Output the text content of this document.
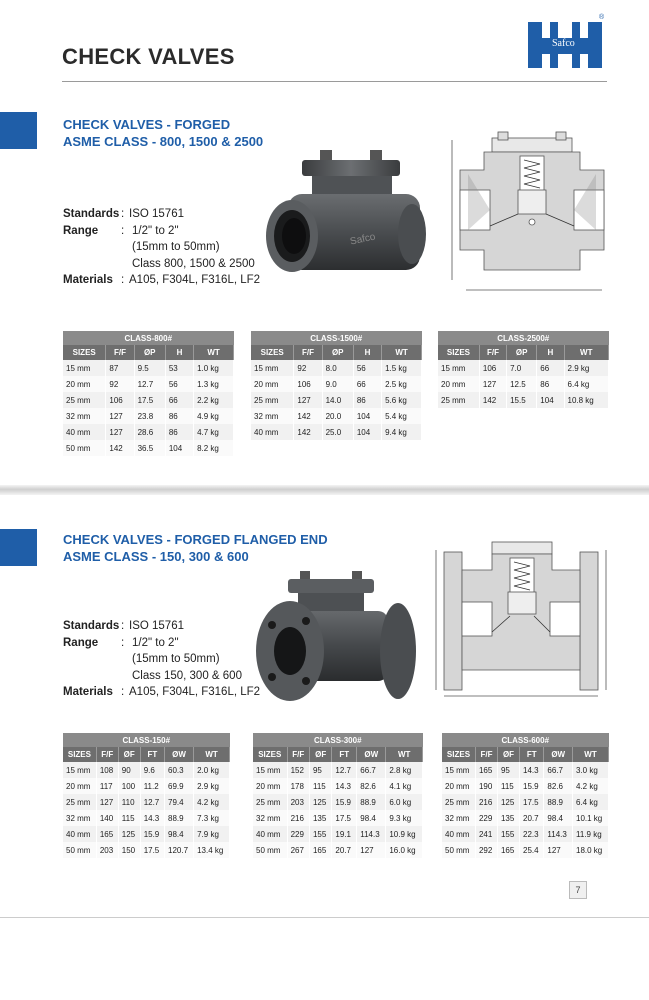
CHECK VALVES
Safco
®
CHECK VALVES - FORGED
ASME CLASS - 800, 1500 & 2500
Standards : ISO 15761
Range	: 1/2" to 2"
(15mm to 50mm)
Class 800, 1500 & 2500
Materials : A105, F304L, F316L, LF2
Safco
CLASS-800#				
SIZES	F/F	ØP	H	WT
15 mm	87	9.5	53	1.0 kg
20 mm	92	12.7	56	1.3 kg
25 mm	106	17.5	66	2.2 kg
32 mm	127	23.8	86	4.9 kg
40 mm	127	28.6	86	4.7 kg
50 mm	142	36.5	104	8.2 kg
CLASS-1500#				
SIZES	F/F	ØP	H	WT
15 mm	92	8.0	56	1.5 kg
20 mm	106	9.0	66	2.5 kg
25 mm	127	14.0	86	5.6 kg
32 mm	142	20.0	104	5.4 kg
40 mm	142	25.0	104	9.4 kg
CLASS-2500#				
SIZES	F/F	ØP	H	WT
15 mm	106	7.0	66	2.9 kg
20 mm	127	12.5	86	6.4 kg
25 mm	142	15.5	104	10.8 kg
CHECK VALVES - FORGED FLANGED END
ASME CLASS - 150, 300 & 600
Standards : ISO 15761
Range	: 1/2" to 2"
(15mm to 50mm)
Class 150, 300 & 600
Materials : A105, F304L, F316L, LF2
CLASS-150#					
SIZES	F/F	ØF	FT	ØW	WT
15 mm	108	90	9.6	60.3	2.0 kg
20 mm	117	100	11.2	69.9	2.9 kg
25 mm	127	110	12.7	79.4	4.2 kg
32 mm	140	115	14.3	88.9	7.3 kg
40 mm	165	125	15.9	98.4	7.9 kg
50 mm	203	150	17.5	120.7	13.4 kg
CLASS-300#					
SIZES	F/F	ØF	FT	ØW	WT
15 mm	152	95	12.7	66.7	2.8 kg
20 mm	178	115	14.3	82.6	4.1 kg
25 mm	203	125	15.9	88.9	6.0 kg
32 mm	216	135	17.5	98.4	9.3 kg
40 mm	229	155	19.1	114.3	10.9 kg
50 mm	267	165	20.7	127	16.0 kg
CLASS-600#					
SIZES	F/F	ØF	FT	ØW	WT
15 mm	165	95	14.3	66.7	3.0 kg
20 mm	190	115	15.9	82.6	4.2 kg
25 mm	216	125	17.5	88.9	6.4 kg
32 mm	229	135	20.7	98.4	10.1 kg
40 mm	241	155	22.3	114.3	11.9 kg
50 mm	292	165	25.4	127	18.0 kg
7
